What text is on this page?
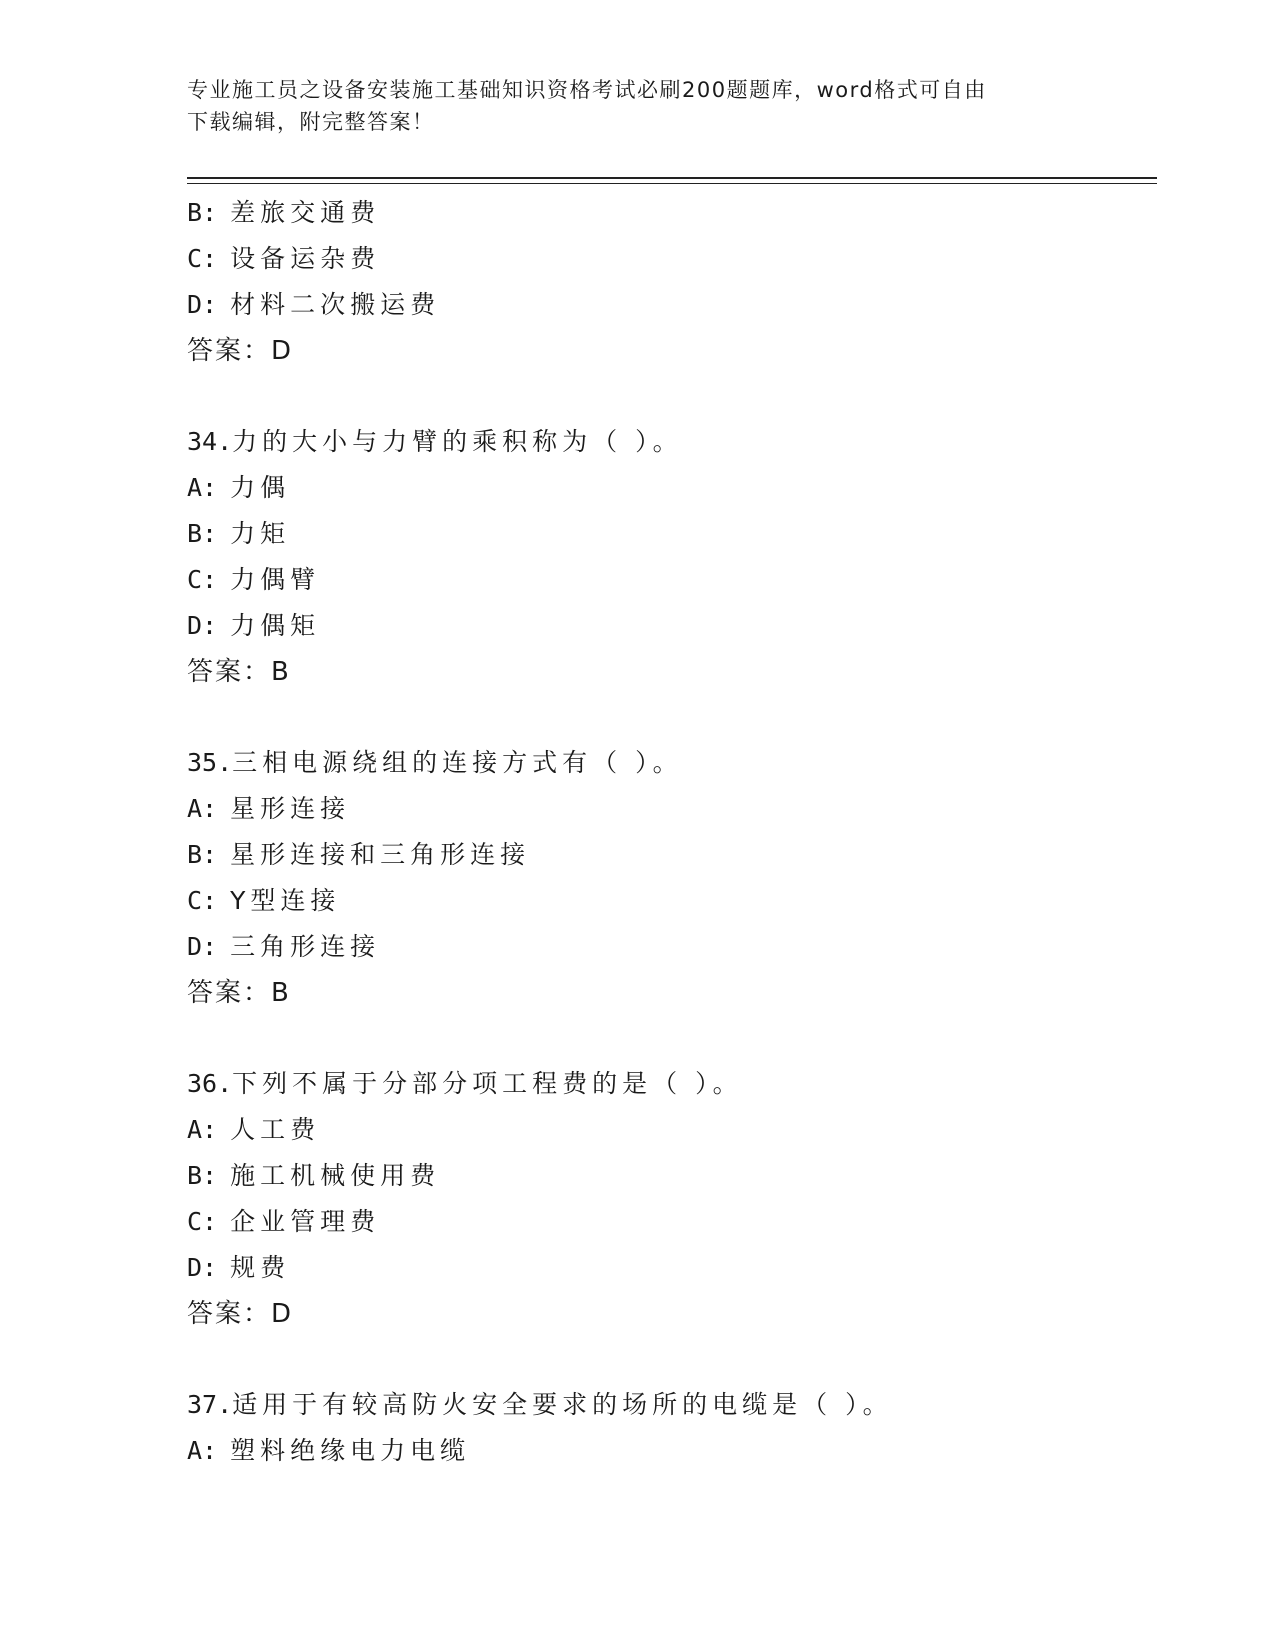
专业施工员之设备安装施工基础知识资格考试必刷200题题库，word格式可自由
下载编辑，附完整答案！
B: 差旅交通费
C: 设备运杂费
D: 材料二次搬运费
答案：D
34.力的大小与力臂的乘积称为（ ）。
A: 力偶
B: 力矩
C: 力偶臂
D: 力偶矩
答案：B
35.三相电源绕组的连接方式有（ ）。
A: 星形连接
B: 星形连接和三角形连接
C: Y型连接
D: 三角形连接
答案：B
36.下列不属于分部分项工程费的是（ ）。
A: 人工费
B: 施工机械使用费
C: 企业管理费
D: 规费
答案：D
37.适用于有较高防火安全要求的场所的电缆是（ ）。
A: 塑料绝缘电力电缆
